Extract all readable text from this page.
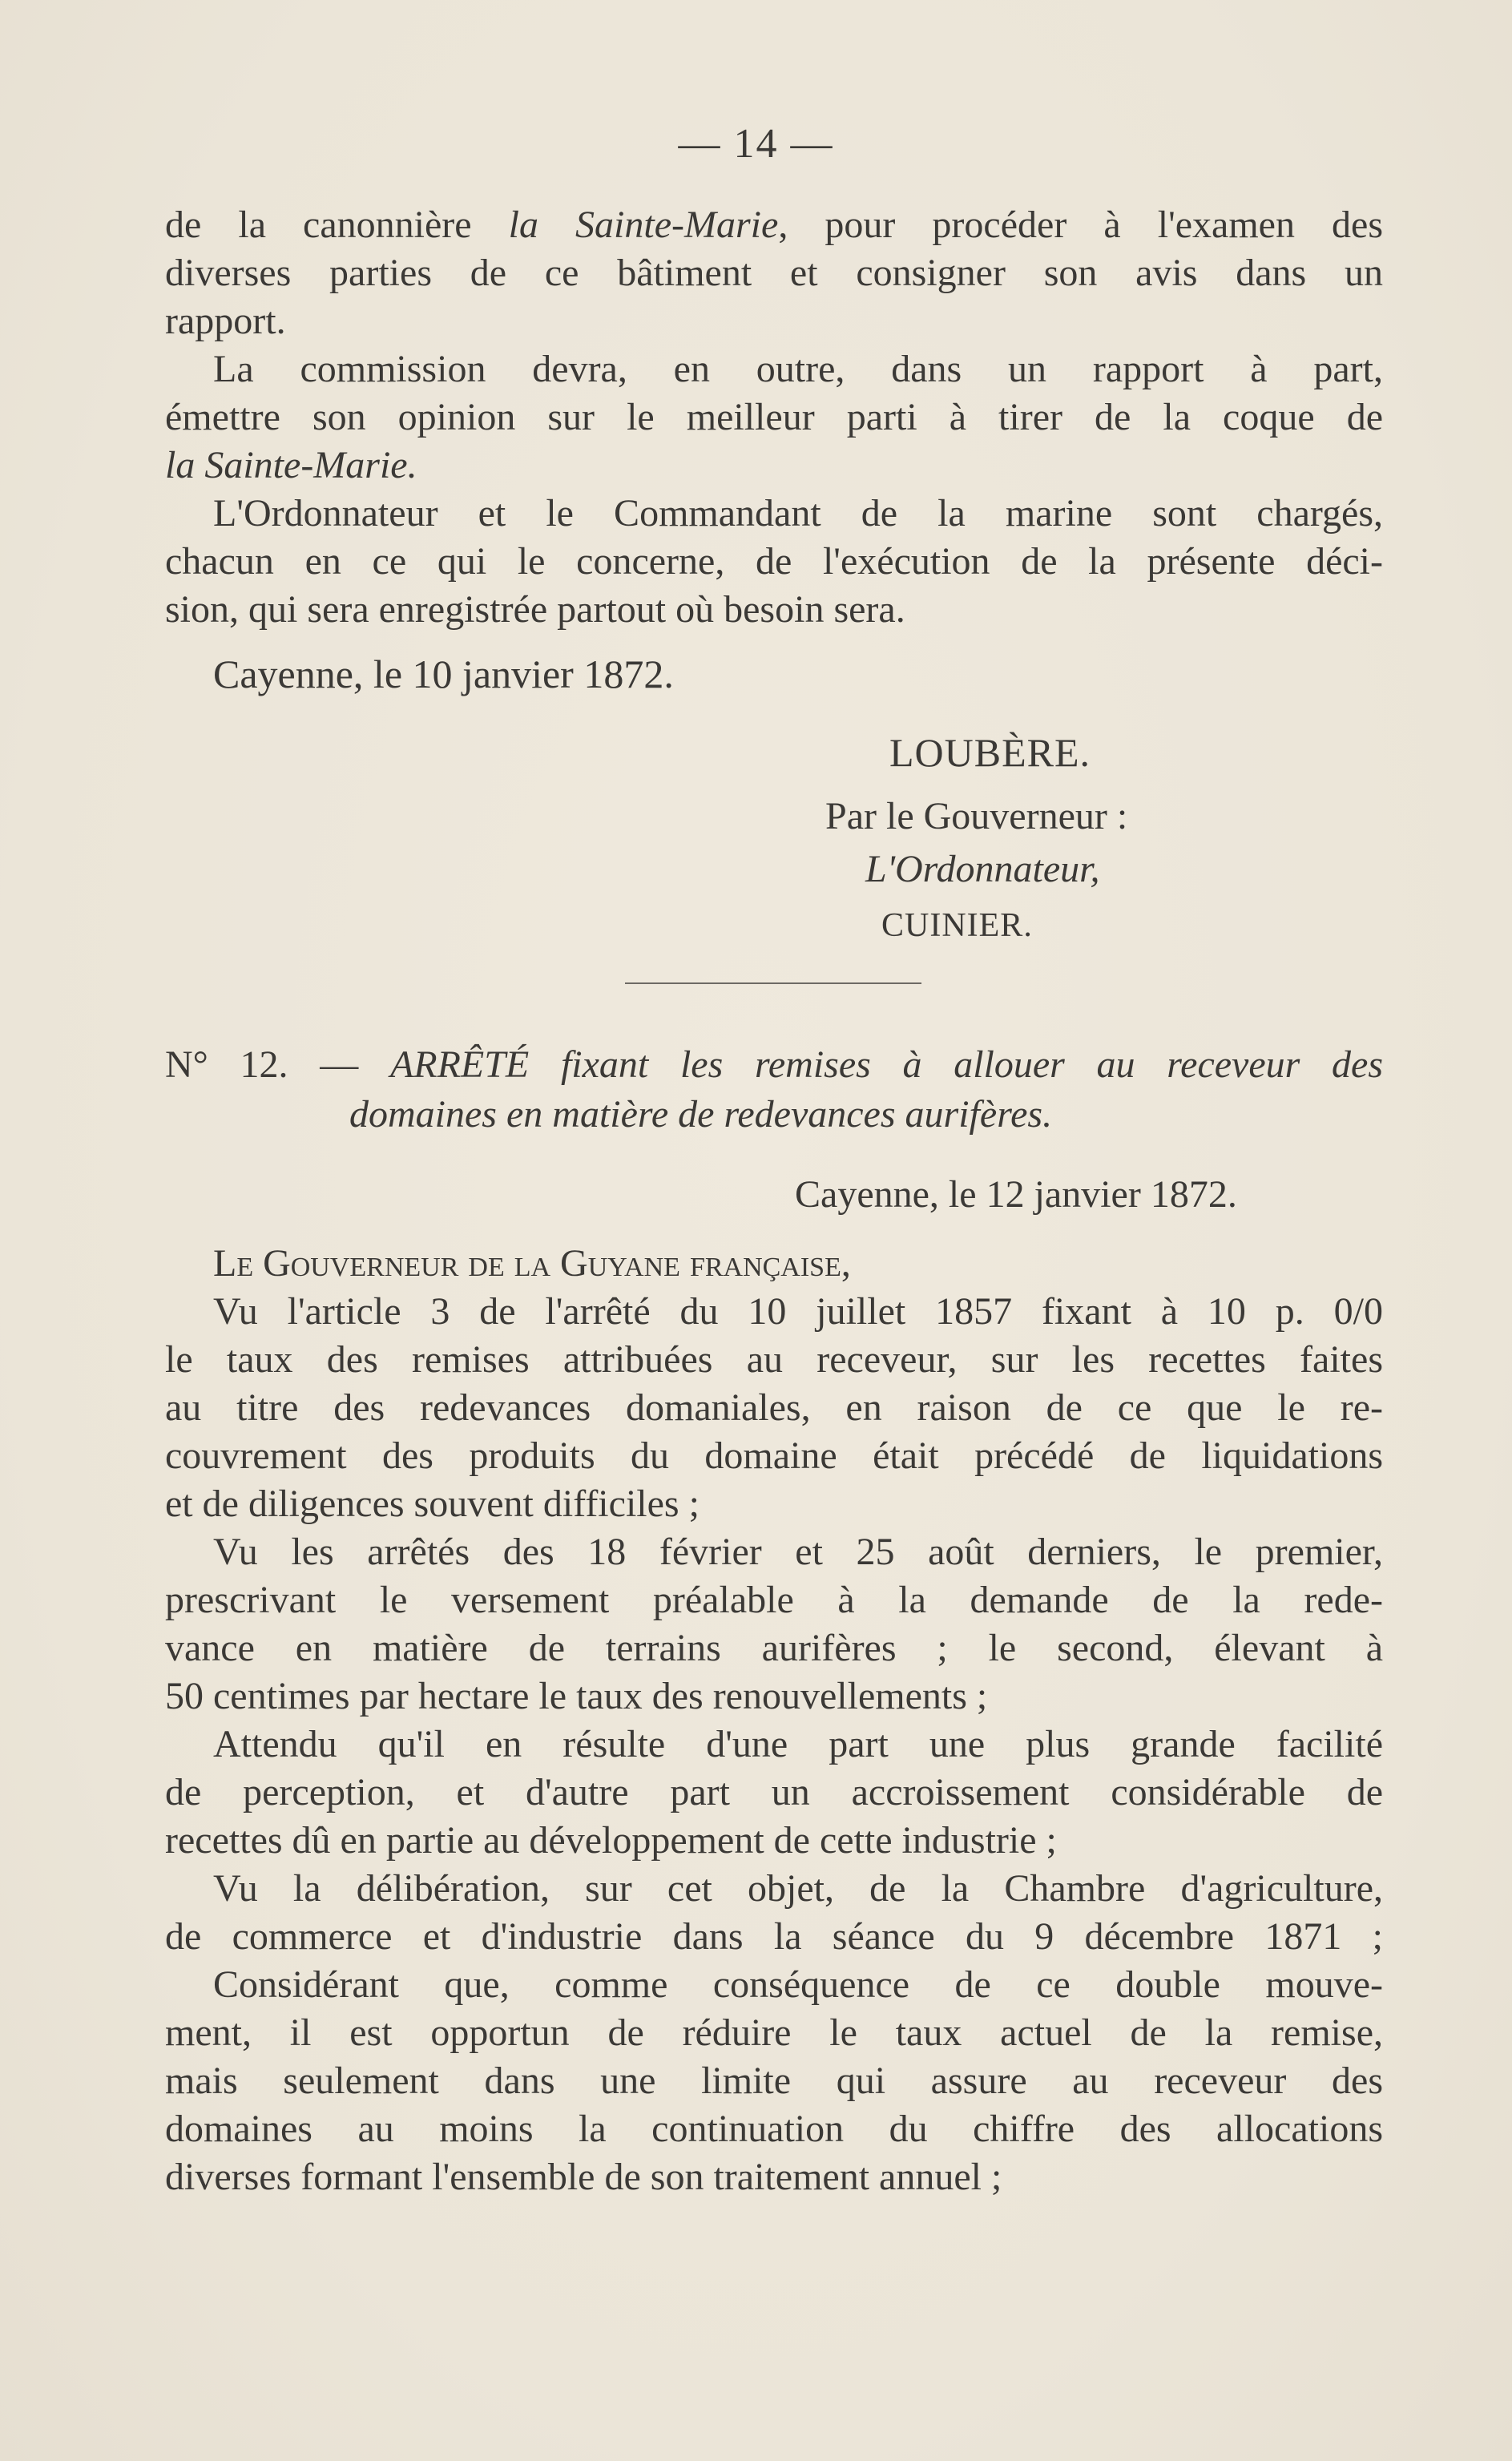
— 14 —
de la canonnière la Sainte-Marie, pour procéder à l'examen des
diverses parties de ce bâtiment et consigner son avis dans un
rapport.
La commission devra, en outre, dans un rapport à part,
émettre son opinion sur le meilleur parti à tirer de la coque de
la Sainte-Marie.
L'Ordonnateur et le Commandant de la marine sont chargés,
chacun en ce qui le concerne, de l'exécution de la présente déci-
sion, qui sera enregistrée partout où besoin sera.
Cayenne, le 10 janvier 1872.
LOUBÈRE.
Par le Gouverneur :
L'Ordonnateur,
CUINIER.
N° 12. — ARRÊTÉ fixant les remises à allouer au receveur des
domaines en matière de redevances aurifères.
Cayenne, le 12 janvier 1872.
Le Gouverneur de la Guyane française,
Vu l'article 3 de l'arrêté du 10 juillet 1857 fixant à 10 p. 0/0
le taux des remises attribuées au receveur, sur les recettes faites
au titre des redevances domaniales, en raison de ce que le re-
couvrement des produits du domaine était précédé de liquidations
et de diligences souvent difficiles ;
Vu les arrêtés des 18 février et 25 août derniers, le premier,
prescrivant le versement préalable à la demande de la rede-
vance en matière de terrains aurifères ; le second, élevant à
50 centimes par hectare le taux des renouvellements ;
Attendu qu'il en résulte d'une part une plus grande facilité
de perception, et d'autre part un accroissement considérable de
recettes dû en partie au développement de cette industrie ;
Vu la délibération, sur cet objet, de la Chambre d'agriculture,
de commerce et d'industrie dans la séance du 9 décembre 1871 ;
Considérant que, comme conséquence de ce double mouve-
ment, il est opportun de réduire le taux actuel de la remise,
mais seulement dans une limite qui assure au receveur des
domaines au moins la continuation du chiffre des allocations
diverses formant l'ensemble de son traitement annuel ;
